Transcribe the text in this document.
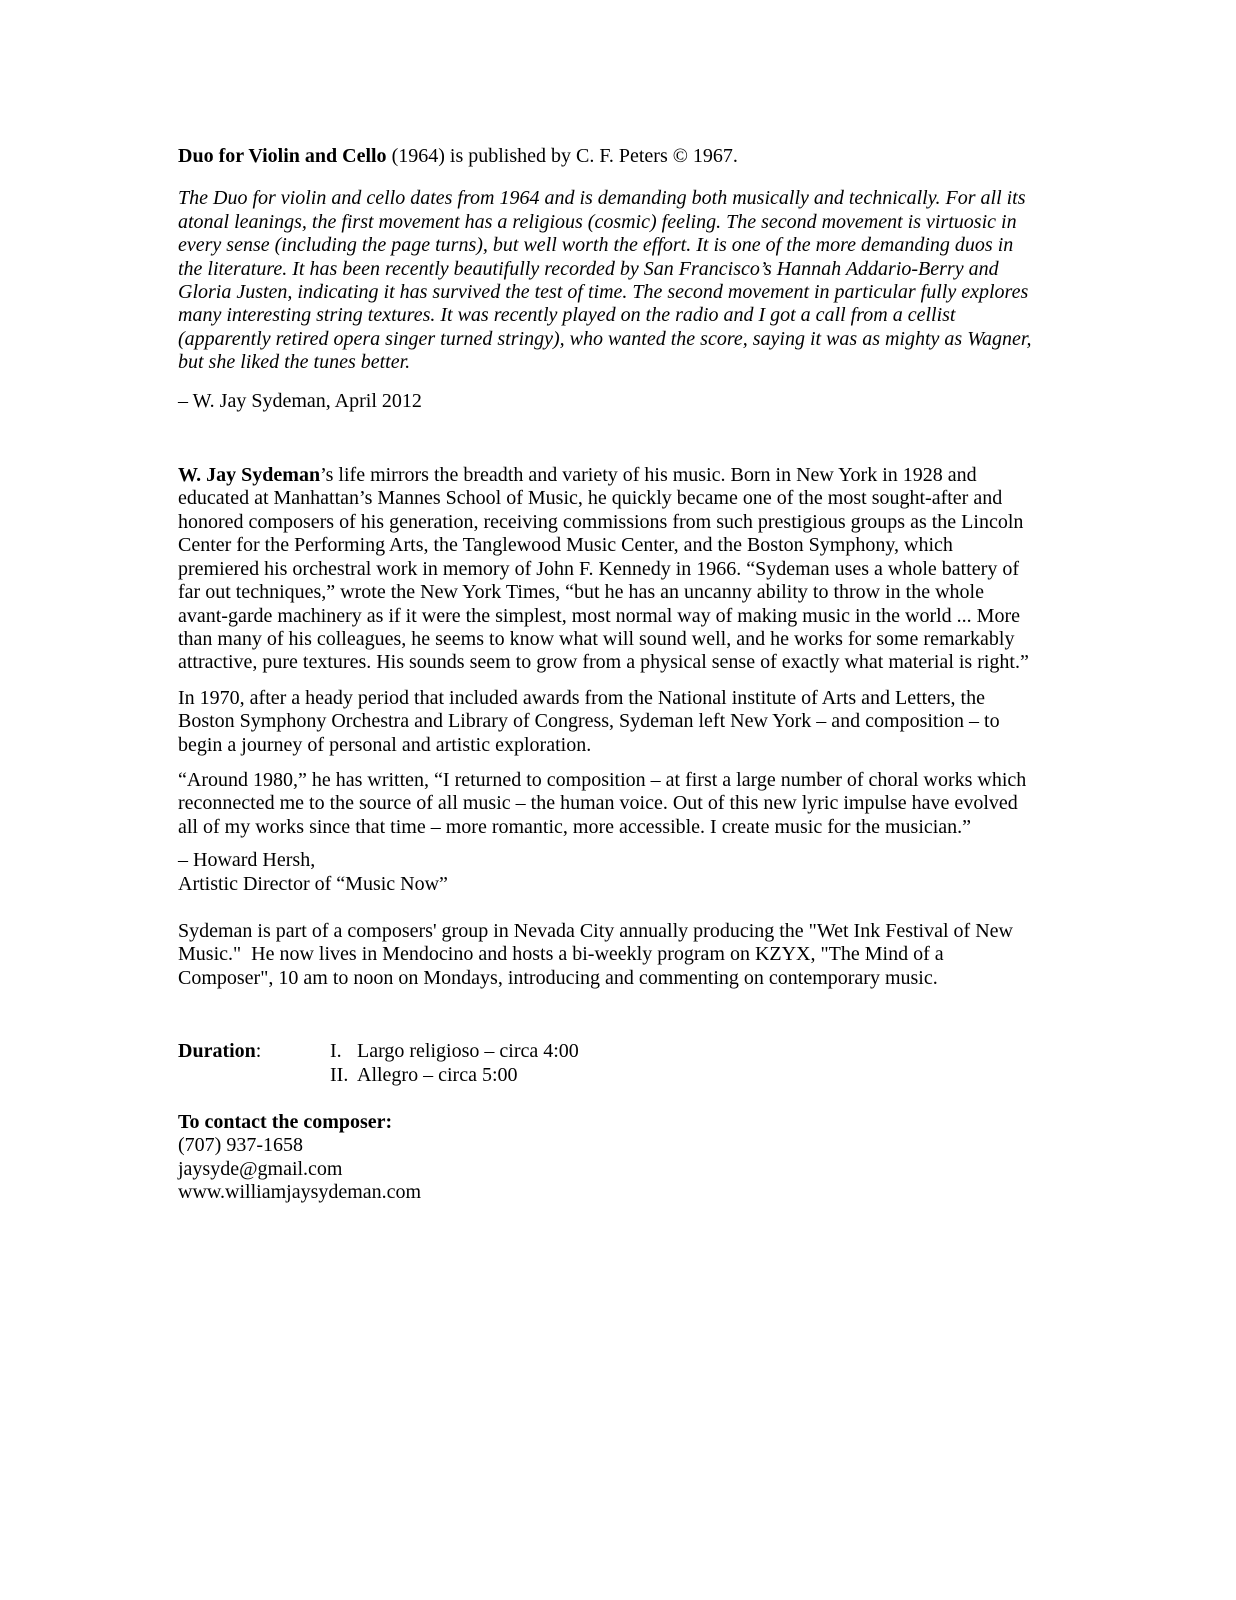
Duo for Violin and Cello (1964) is published by C. F. Peters © 1967.

The Duo for violin and cello dates from 1964 and is demanding both musically and technically. For all its atonal leanings, the first movement has a religious (cosmic) feeling. The second movement is virtuosic in every sense (including the page turns), but well worth the effort. It is one of the more demanding duos in the literature. It has been recently beautifully recorded by San Francisco’s Hannah Addario-Berry and Gloria Justen, indicating it has survived the test of time. The second movement in particular fully explores many interesting string textures. It was recently played on the radio and I got a call from a cellist (apparently retired opera singer turned stringy), who wanted the score, saying it was as mighty as Wagner, but she liked the tunes better.

– W. Jay Sydeman, April 2012

W. Jay Sydeman’s life mirrors the breadth and variety of his music. Born in New York in 1928 and educated at Manhattan’s Mannes School of Music, he quickly became one of the most sought-after and honored composers of his generation, receiving commissions from such prestigious groups as the Lincoln Center for the Performing Arts, the Tanglewood Music Center, and the Boston Symphony, which premiered his orchestral work in memory of John F. Kennedy in 1966. “Sydeman uses a whole battery of far out techniques,” wrote the New York Times, “but he has an uncanny ability to throw in the whole avant-garde machinery as if it were the simplest, most normal way of making music in the world ... More than many of his colleagues, he seems to know what will sound well, and he works for some remarkably attractive, pure textures. His sounds seem to grow from a physical sense of exactly what material is right.”

In 1970, after a heady period that included awards from the National institute of Arts and Letters, the Boston Symphony Orchestra and Library of Congress, Sydeman left New York – and composition – to begin a journey of personal and artistic exploration.

“Around 1980,” he has written, “I returned to composition – at first a large number of choral works which reconnected me to the source of all music – the human voice. Out of this new lyric impulse have evolved all of my works since that time – more romantic, more accessible. I create music for the musician.”

– Howard Hersh,
Artistic Director of “Music Now”

Sydeman is part of a composers' group in Nevada City annually producing the "Wet Ink Festival of New Music."  He now lives in Mendocino and hosts a bi-weekly program on KZYX, "The Mind of a Composer", 10 am to noon on Mondays, introducing and commenting on contemporary music.

Duration:	I. Largo religioso – circa 4:00
II. Allegro – circa 5:00
To contact the composer:
(707) 937-1658
jaysyde@gmail.com
www.williamjaysydeman.com
